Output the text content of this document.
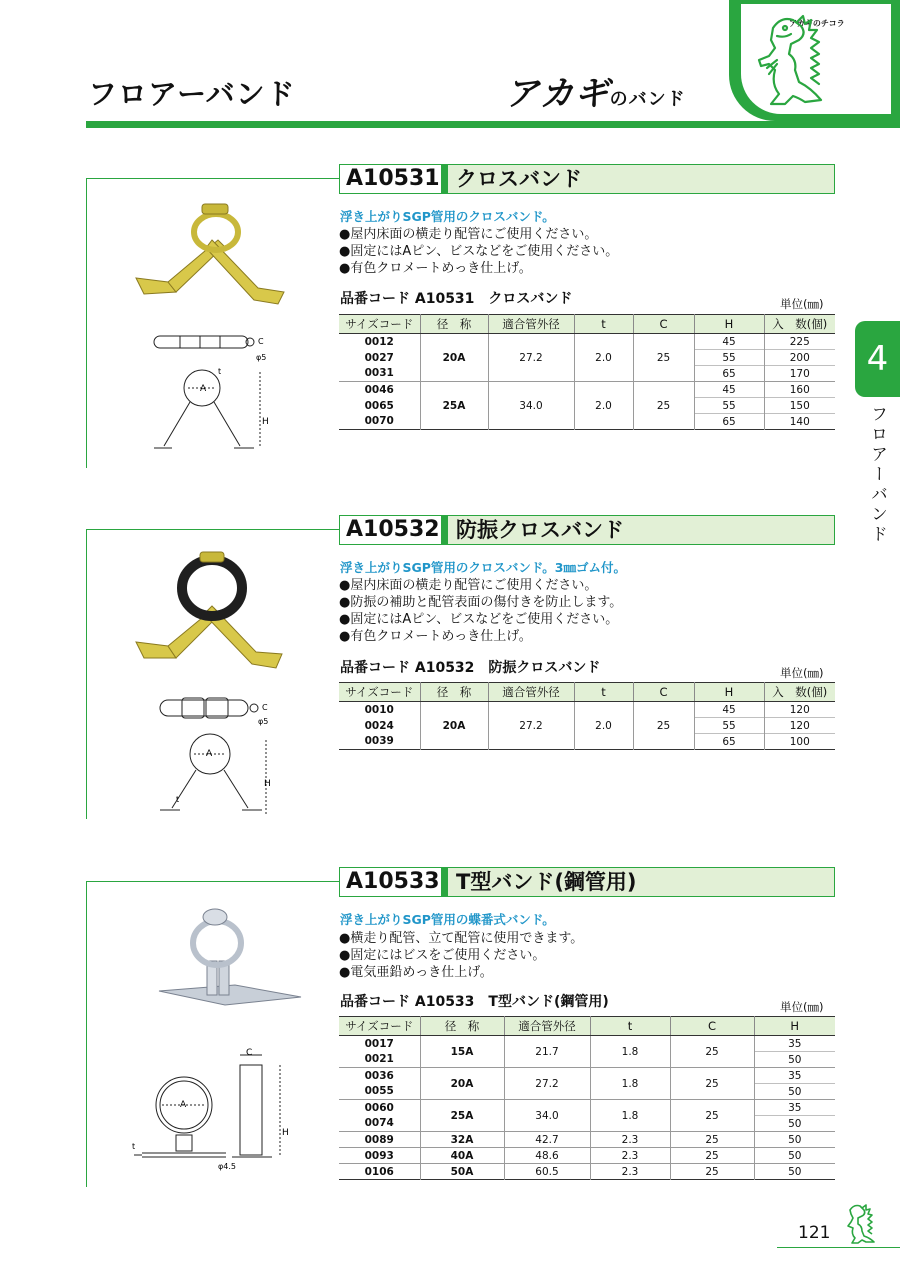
フロアーバンド	アカギのバンド
アカギのチコラ
4
フロアーバンド
A10531 クロスバンド
φ5
A
t
H
C
浮き上がりSGP管用のクロスバンド。
●屋内床面の横走り配管にご使用ください。
●固定にはAピン、ビスなどをご使用ください。
●有色クロメートめっき仕上げ。
品番コード A10531　クロスバンド	単位(㎜)
サイズコード	径　称	適合管外径	t	C	H	入　数(個)
0012	20A	27.2	2.0	25	45	225
0027					55	200
0031					65	170
0046	25A	34.0	2.0	25	45	160
0065					55	150
0070					65	140
A10532 防振クロスバンド
φ5
A
t
H
C
浮き上がりSGP管用のクロスバンド。3㎜ゴム付。
●屋内床面の横走り配管にご使用ください。
●防振の補助と配管表面の傷付きを防止します。
●固定にはAピン、ビスなどをご使用ください。
●有色クロメートめっき仕上げ。
品番コード A10532　防振クロスバンド	単位(㎜)
サイズコード	径　称	適合管外径	t	C	H	入　数(個)
0010	20A	27.2	2.0	25	45	120
0024					55	120
0039					65	100
A10533 T型バンド(鋼管用)
A
C
H
t
φ4.5
浮き上がりSGP管用の蝶番式バンド。
●横走り配管、立て配管に使用できます。
●固定にはビスをご使用ください。
●電気亜鉛めっき仕上げ。
品番コード A10533　T型バンド(鋼管用)	単位(㎜)
サイズコード	径　称	適合管外径	t	C	H
0017	15A	21.7	1.8	25	35
0021					50
0036	20A	27.2	1.8	25	35
0055					50
0060	25A	34.0	1.8	25	35
0074					50
0089	32A	42.7	2.3	25	50
0093	40A	48.6	2.3	25	50
0106	50A	60.5	2.3	25	50
121
